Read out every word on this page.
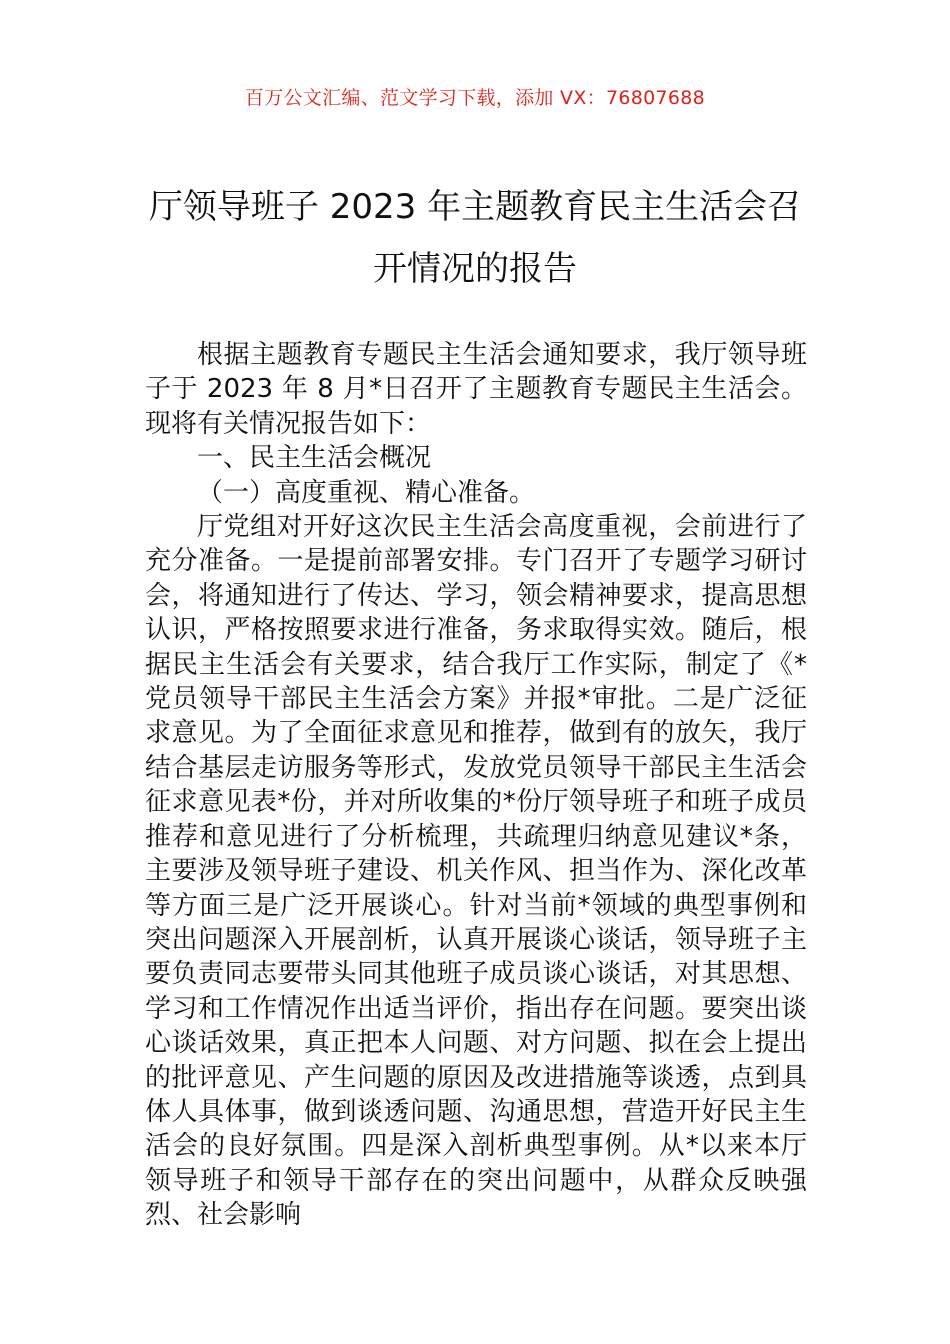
百万公文汇编、范文学习下载，添加 VX：76807688
厅领导班子 2023 年主题教育民主生活会召开情况的报告

根据主题教育专题民主生活会通知要求，我厅领导班子于 2023 年 8 月*日召开了主题教育专题民主生活会。现将有关情况报告如下：

一、民主生活会概况

（一）高度重视、精心准备。

厅党组对开好这次民主生活会高度重视，会前进行了充分准备。一是提前部署安排。专门召开了专题学习研讨会，将通知进行了传达、学习，领会精神要求，提高思想认识，严格按照要求进行准备，务求取得实效。随后，根据民主生活会有关要求，结合我厅工作实际，制定了《*党员领导干部民主生活会方案》并报*审批。二是广泛征求意见。为了全面征求意见和推荐，做到有的放矢，我厅结合基层走访服务等形式，发放党员领导干部民主生活会征求意见表*份，并对所收集的*份厅领导班子和班子成员推荐和意见进行了分析梳理，共疏理归纳意见建议*条，主要涉及领导班子建设、机关作风、担当作为、深化改革等方面三是广泛开展谈心。针对当前*领域的典型事例和突出问题深入开展剖析，认真开展谈心谈话，领导班子主要负责同志要带头同其他班子成员谈心谈话，对其思想、学习和工作情况作出适当评价，指出存在问题。要突出谈心谈话效果，真正把本人问题、对方问题、拟在会上提出的批评意见、产生问题的原因及改进措施等谈透，点到具体人具体事，做到谈透问题、沟通思想，营造开好民主生活会的良好氛围。四是深入剖析典型事例。从*以来本厅领导班子和领导干部存在的突出问题中，从群众反映强烈、社会影响
